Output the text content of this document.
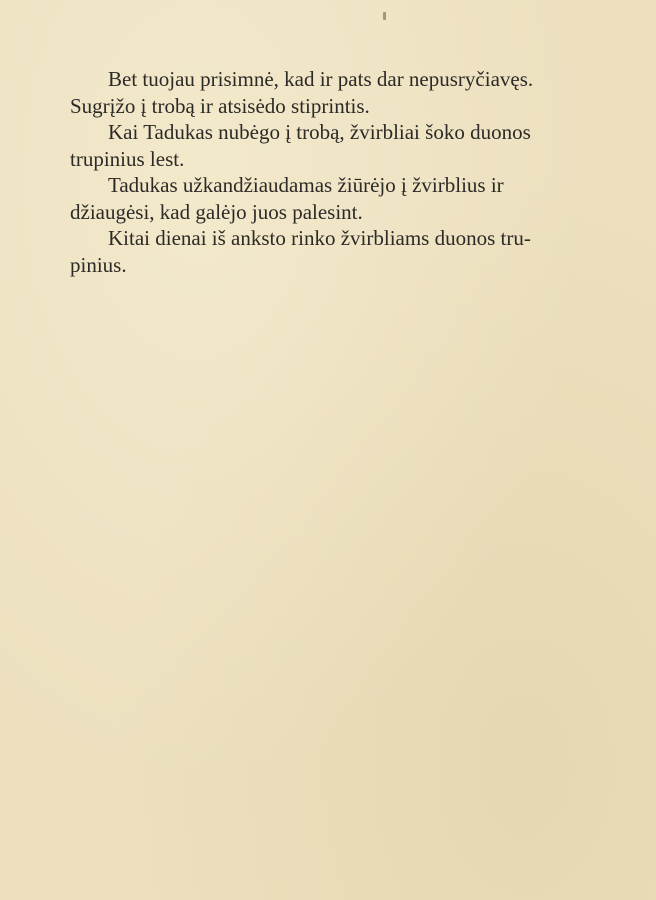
Bet tuojau prisimnė, kad ir pats dar nepusryčiavęs.
Sugrįžo į trobą ir atsisėdo stiprintis.
Kai Tadukas nubėgo į trobą, žvirbliai šoko duonos
trupinius lest.
Tadukas užkandžiaudamas žiūrėjo į žvirblius ir
džiaugėsi, kad galėjo juos palesint.
Kitai dienai iš anksto rinko žvirbliams duonos tru-
pinius.
